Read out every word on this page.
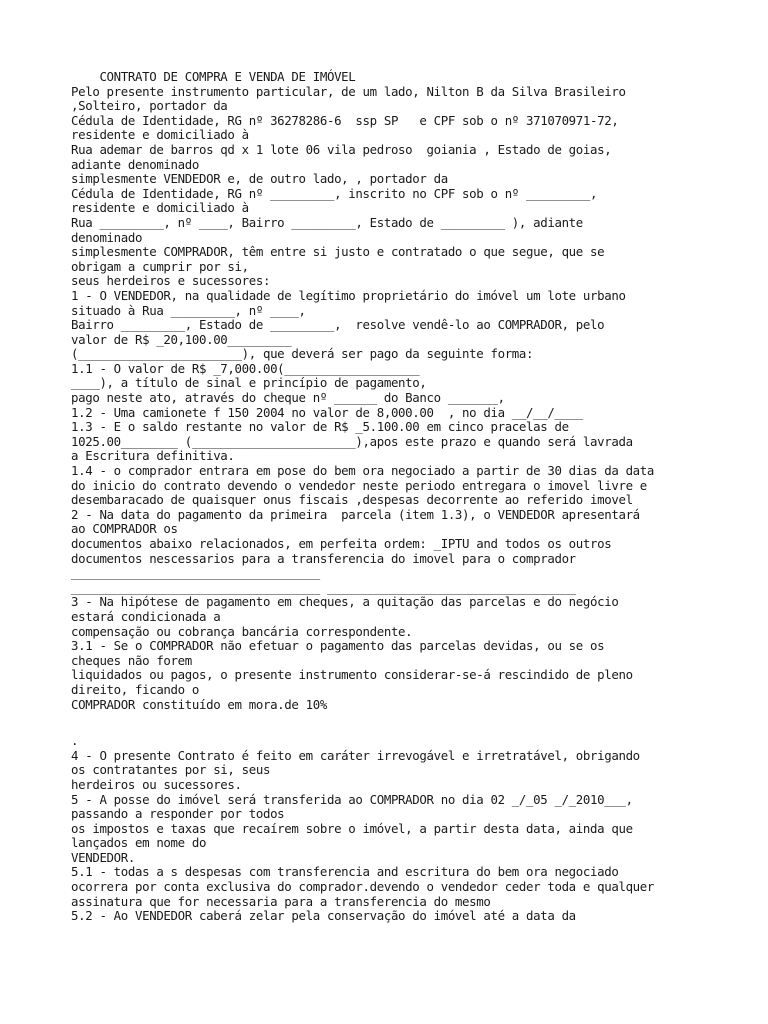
CONTRATO DE COMPRA E VENDA DE IMÓVEL
Pelo presente instrumento particular, de um lado, Nilton B da Silva Brasileiro
,Solteiro, portador da
Cédula de Identidade, RG nº 36278286-6  ssp SP   e CPF sob o nº 371070971-72,
residente e domiciliado à
Rua ademar de barros qd x 1 lote 06 vila pedroso  goiania , Estado de goias,
adiante denominado
simplesmente VENDEDOR e, de outro lado, , portador da
Cédula de Identidade, RG nº _________, inscrito no CPF sob o nº _________,
residente e domiciliado à
Rua _________, nº ____, Bairro _________, Estado de _________ ), adiante
denominado
simplesmente COMPRADOR, têm entre si justo e contratado o que segue, que se
obrigam a cumprir por si,
seus herdeiros e sucessores:
1 - O VENDEDOR, na qualidade de legítimo proprietário do imóvel um lote urbano
situado à Rua _________, nº ____,
Bairro _________, Estado de _________,  resolve vendê-lo ao COMPRADOR, pelo
valor de R$ _20,100.00_________
(_______________________), que deverá ser pago da seguinte forma:
1.1 - O valor de R$ _7,000.00(___________________
____), a título de sinal e princípio de pagamento,
pago neste ato, através do cheque nº ______ do Banco _______,
1.2 - Uma camionete f 150 2004 no valor de 8,000.00  , no dia __/__/____
1.3 - E o saldo restante no valor de R$ _5.100.00 em cinco pracelas de
1025.00________ (_______________________),apos este prazo e quando será lavrada
a Escritura definitiva.
1.4 - o comprador entrara em pose do bem ora negociado a partir de 30 dias da data
do inicio do contrato devendo o vendedor neste periodo entregara o imovel livre e
desembaracado de quaisquer onus fiscais ,despesas decorrente ao referido imovel
2 - Na data do pagamento da primeira  parcela (item 1.3), o VENDEDOR apresentará
ao COMPRADOR os
documentos abaixo relacionados, em perfeita ordem: _IPTU and todos os outros
documentos nescessarios para a transferencia do imovel para o comprador
___________________________________
___________________________________ ___________________________________
3 - Na hipótese de pagamento em cheques, a quitação das parcelas e do negócio
estará condicionada a
compensação ou cobrança bancária correspondente.
3.1 - Se o COMPRADOR não efetuar o pagamento das parcelas devidas, ou se os
cheques não forem
liquidados ou pagos, o presente instrumento considerar-se-á rescindido de pleno
direito, ficando o
COMPRADOR constituído em mora.de 10%
.
4 - O presente Contrato é feito em caráter irrevogável e irretratável, obrigando
os contratantes por si, seus
herdeiros ou sucessores.
5 - A posse do imóvel será transferida ao COMPRADOR no dia 02 _/_05 _/_2010___,
passando a responder por todos
os impostos e taxas que recaírem sobre o imóvel, a partir desta data, ainda que
lançados em nome do
VENDEDOR.
5.1 - todas a s despesas com transferencia and escritura do bem ora negociado
ocorrera por conta exclusiva do comprador.devendo o vendedor ceder toda e qualquer
assinatura que for necessaria para a transferencia do mesmo
5.2 - Ao VENDEDOR caberá zelar pela conservação do imóvel até a data da
